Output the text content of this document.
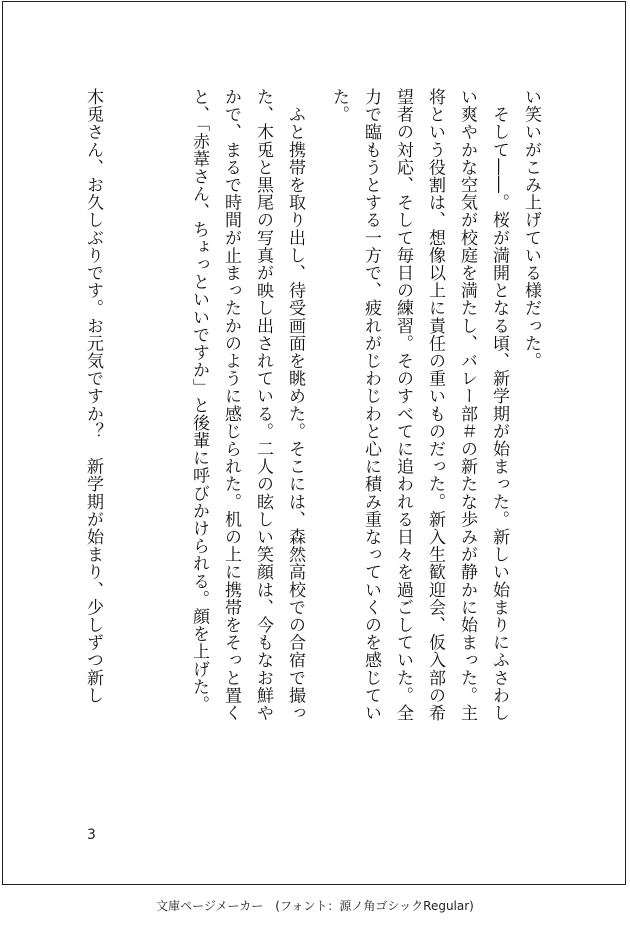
い笑いがこみ上げている様だった。
　そして――。桜が満開となる頃、新学期が始まった。新しい始まりにふさわし
い爽やかな空気が校庭を満たし、バレー部＃の新たな歩みが静かに始まった。主
将という役割は、想像以上に責任の重いものだった。新入生歓迎会、仮入部の希
望者の対応、そして毎日の練習。そのすべてに追われる日々を過ごしていた。全
力で臨もうとする一方で、疲れがじわじわと心に積み重なっていくのを感じてい
た。
　ふと携帯を取り出し、待受画面を眺めた。そこには、森然高校での合宿で撮っ
た、木兎と黒尾の写真が映し出されている。二人の眩しい笑顔は、今もなお鮮や
かで、まるで時間が止まったかのように感じられた。机の上に携帯をそっと置く
と、「赤葦さん、ちょっといいですか」と後輩に呼びかけられる。顔を上げた。
木兎さん、お久しぶりです。お元気ですか？　新学期が始まり、少しずつ新し
3
文庫ページメーカー　(フォント：源ノ角ゴシックRegular)
